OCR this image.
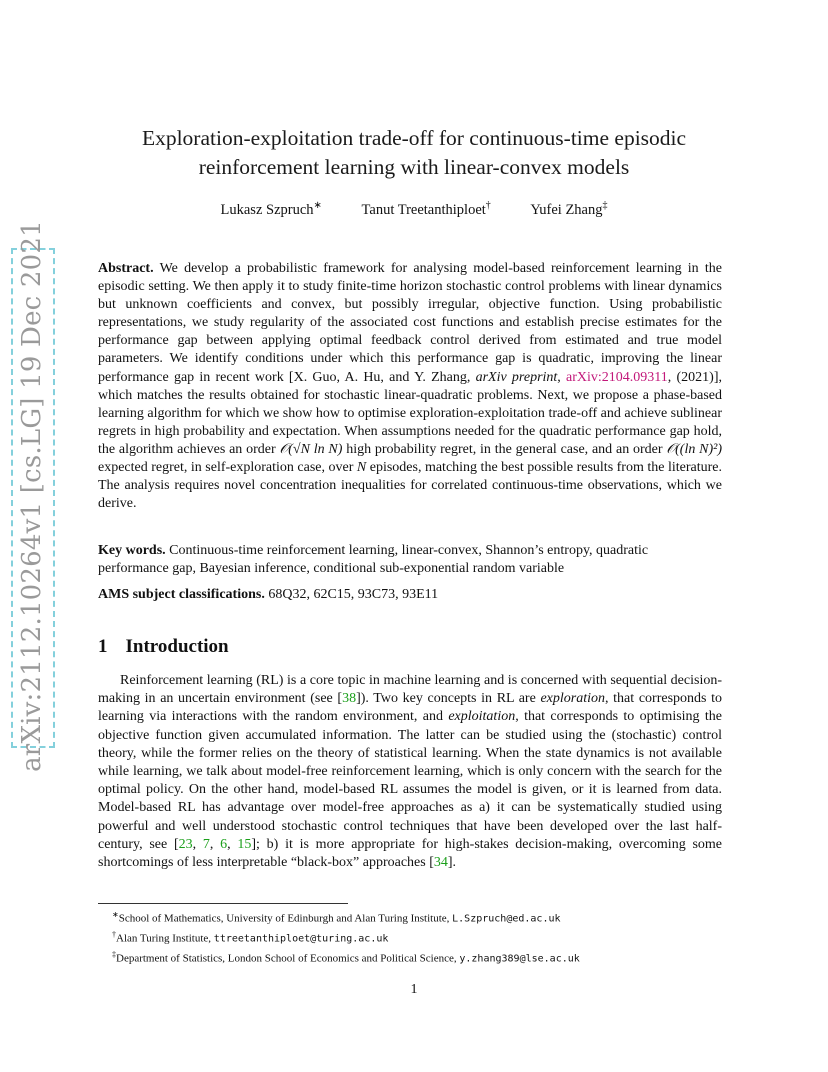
arXiv:2112.10264v1 [cs.LG] 19 Dec 2021
Exploration-exploitation trade-off for continuous-time episodic
reinforcement learning with linear-convex models
Lukasz Szpruch∗	Tanut Treetanthiploet†	Yufei Zhang‡
Abstract. We develop a probabilistic framework for analysing model-based reinforcement learning in the episodic setting. We then apply it to study finite-time horizon stochastic control problems with linear dynamics but unknown coefficients and convex, but possibly irregular, objective function. Using probabilistic representations, we study regularity of the associated cost functions and establish precise estimates for the performance gap between applying optimal feedback control derived from estimated and true model parameters. We identify conditions under which this performance gap is quadratic, improving the linear performance gap in recent work [X. Guo, A. Hu, and Y. Zhang, arXiv preprint, arXiv:2104.09311, (2021)], which matches the results obtained for stochastic linear-quadratic problems. Next, we propose a phase-based learning algorithm for which we show how to optimise exploration-exploitation trade-off and achieve sublinear regrets in high probability and expectation. When assumptions needed for the quadratic performance gap hold, the algorithm achieves an order 𝒪(√N ln N) high probability regret, in the general case, and an order 𝒪((ln N)²) expected regret, in self-exploration case, over N episodes, matching the best possible results from the literature. The analysis requires novel concentration inequalities for correlated continuous-time observations, which we derive.
Key words. Continuous-time reinforcement learning, linear-convex, Shannon’s entropy, quadratic performance gap, Bayesian inference, conditional sub-exponential random variable
AMS subject classifications. 68Q32, 62C15, 93C73, 93E11
1 Introduction
Reinforcement learning (RL) is a core topic in machine learning and is concerned with sequential decision-making in an uncertain environment (see [38]). Two key concepts in RL are exploration, that corresponds to learning via interactions with the random environment, and exploitation, that corresponds to optimising the objective function given accumulated information. The latter can be studied using the (stochastic) control theory, while the former relies on the theory of statistical learning. When the state dynamics is not available while learning, we talk about model-free reinforcement learning, which is only concern with the search for the optimal policy. On the other hand, model-based RL assumes the model is given, or it is learned from data. Model-based RL has advantage over model-free approaches as a) it can be systematically studied using powerful and well understood stochastic control techniques that have been developed over the last half-century, see [23, 7, 6, 15]; b) it is more appropriate for high-stakes decision-making, overcoming some shortcomings of less interpretable “black-box” approaches [34].
∗School of Mathematics, University of Edinburgh and Alan Turing Institute, L.Szpruch@ed.ac.uk
†Alan Turing Institute, ttreetanthiploet@turing.ac.uk
‡Department of Statistics, London School of Economics and Political Science, y.zhang389@lse.ac.uk
1
